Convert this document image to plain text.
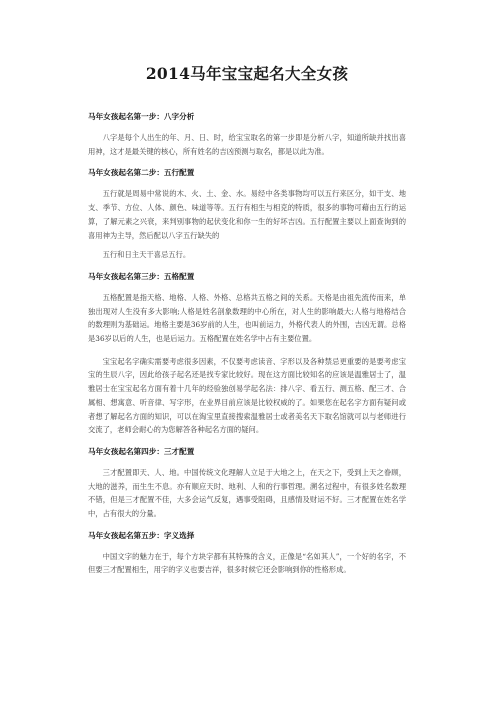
2014马年宝宝起名大全女孩

马年女孩起名第一步：八字分析

八字是每个人出生的年、月、日、时，给宝宝取名的第一步即是分析八字，知道所缺并找出喜用神，这才是最关键的核心，所有姓名的吉凶预测与取名，都是以此为准。

马年女孩起名第二步：五行配置

五行就是周易中常说的木、火、土、金、水。易经中各类事物均可以五行来区分，如干支、地支、季节、方位、人体、颜色、味道等等。五行有相生与相克的特质，很多的事物可藉由五行的运算，了解元素之兴衰，来判别事物的起伏变化和你一生的好坏吉凶。五行配置主要以上面查询到的喜用神为主导，然后配以八字五行缺失的

五行和日主天干喜忌五行。

马年女孩起名第三步：五格配置

五格配置是指天格、地格、人格、外格、总格共五格之间的关系。天格是由祖先流传而来，单独出现对人生没有多大影响;人格是姓名剖象数理的中心所在，对人生的影响最大;人格与地格结合的数理则为基础运。地格主要是36岁前的人生，也叫前运力，外格代表人的外围，吉凶无谓。总格是36岁以后的人生，也是后运力。五格配置在姓名学中占有主要位置。

宝宝起名字确实需要考虑很多因素，不仅要考虑读音、字形以及各种禁忌更重要的是要考虑宝宝的生辰八字，因此给孩子起名还是找专家比较好。现在这方面比较知名的应该是温雅居士了，温雅居士在宝宝起名方面有着十几年的经验独创易学起名法：排八字、看五行、测五格、配三才、合属相、想寓意、听音律、写字形，在业界目前应该是比较权威的了。如果您在起名字方面有疑问或者想了解起名方面的知识，可以在淘宝里直接搜索温雅居士或者美名天下取名馆就可以与老师进行交流了，老师会耐心的为您解答各种起名方面的疑问。

马年女孩起名第四步：三才配置

三才配置即天、人、地。中国传统文化理解人立足于大地之上，在天之下，受到上天之眷顾，大地的滋养，而生生不息。亦有顺应天时、地利、人和的行事哲理。溯名过程中，有很多姓名数理不错，但是三才配置不佳，大多会运气反复，遇事受阻碍，且感情及财运不好。三才配置在姓名学中，占有很大的分量。

马年女孩起名第五步：字义选择

中国文字的魅力在于，每个方块字都有其特殊的含义，正像是“名如其人”，一个好的名字，不但要三才配置相生，用字的字义也要吉祥，很多时候它还会影响到你的性格形成。
